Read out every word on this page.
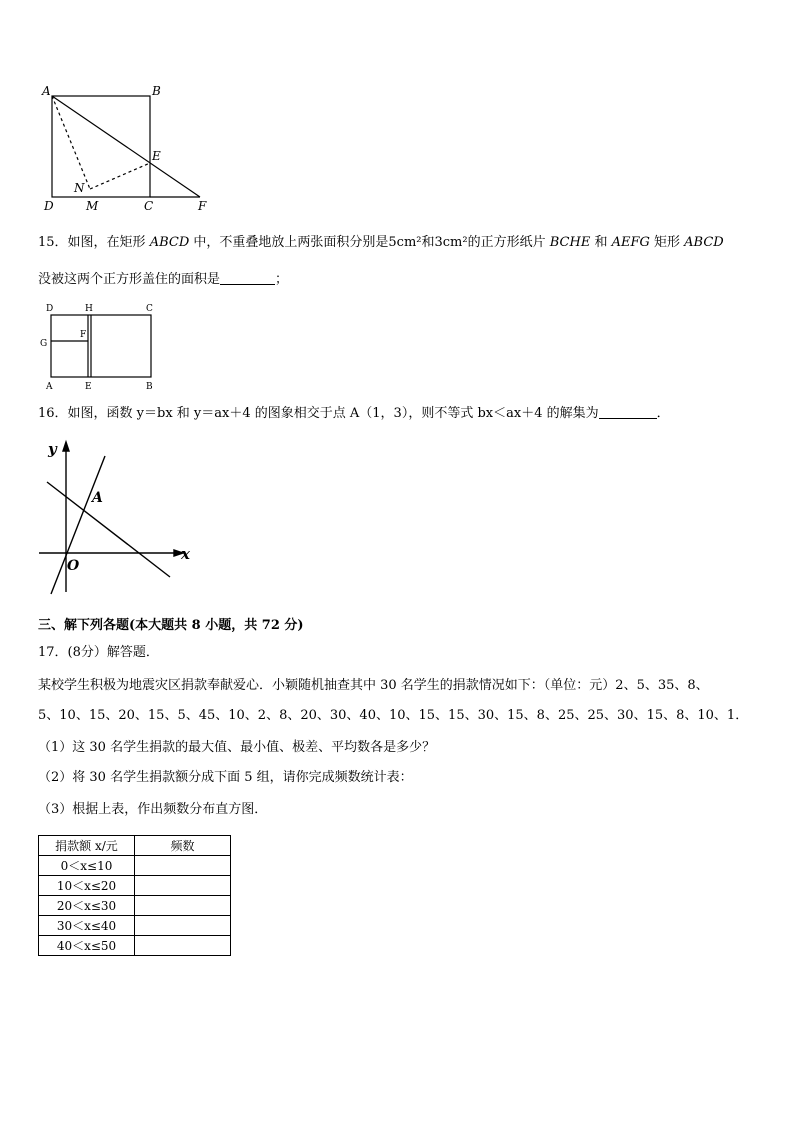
A	B
D	C	F
E
M
N
15．如图，在矩形 ABCD 中，不重叠地放上两张面积分别是5cm²和3cm²的正方形纸片 BCHE 和 AEFG 矩形 ABCD
没被这两个正方形盖住的面积是	；
D	H	C
F
G
A	E	B
16．如图，函数 y＝bx 和 y＝ax＋4 的图象相交于点 A（1，3），则不等式 bx＜ax＋4 的解集为	．
y
x
A
O
三、解下列各题(本大题共 8 小题，共 72 分)
17．(8分）解答题．
某校学生积极为地震灾区捐款奉献爱心．小颖随机抽查其中 30 名学生的捐款情况如下：（单位：元）2、5、35、8、
5、10、15、20、15、5、45、10、2、8、20、30、40、10、15、15、30、15、8、25、25、30、15、8、10、1．
（1）这 30 名学生捐款的最大值、最小值、极差、平均数各是多少？
（2）将 30 名学生捐款额分成下面 5 组，请你完成频数统计表：
（3）根据上表，作出频数分布直方图．
捐款额 x/元	频数
0＜x≤10	
10＜x≤20	
20＜x≤30	
30＜x≤40	
40＜x≤50	
